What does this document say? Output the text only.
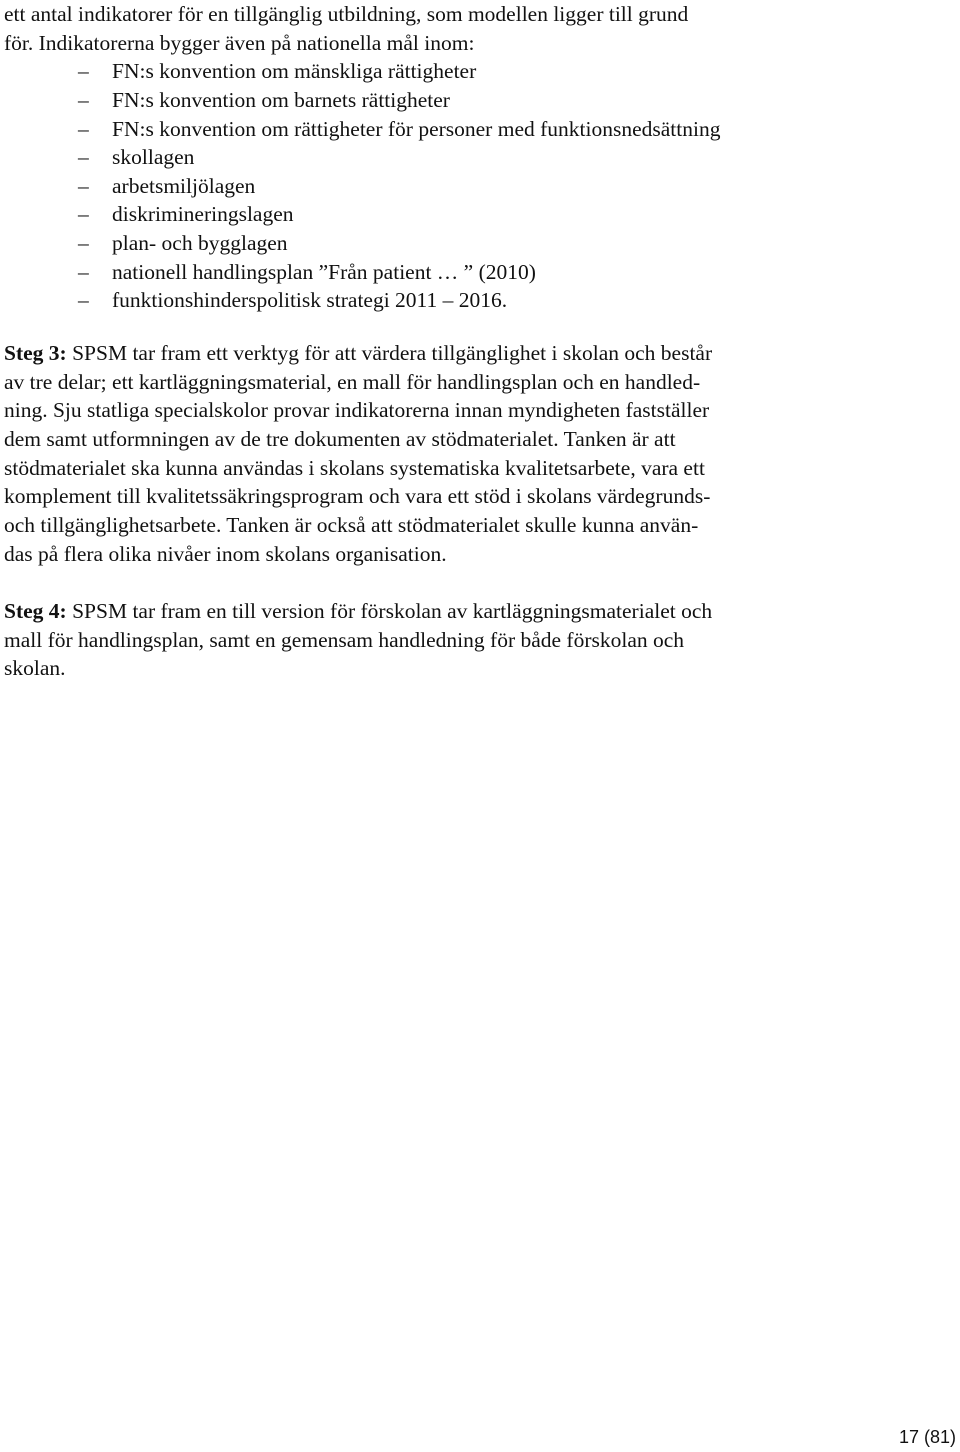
ett antal indikatorer för en tillgänglig utbildning, som modellen ligger till grund
för. Indikatorerna bygger även på nationella mål inom:
–	FN:s konvention om mänskliga rättigheter
–	FN:s konvention om barnets rättigheter
–	FN:s konvention om rättigheter för personer med funktionsnedsättning
–	skollagen
–	arbetsmiljölagen
–	diskrimineringslagen
–	plan- och bygglagen
–	nationell handlingsplan ”Från patient … ” (2010)
–	funktionshinderspolitisk strategi 2011 – 2016.
Steg 3: SPSM tar fram ett verktyg för att värdera tillgänglighet i skolan och består
av tre delar; ett kartläggningsmaterial, en mall för handlingsplan och en handled-
ning. Sju statliga specialskolor provar indikatorerna innan myndigheten fastställer
dem samt utformningen av de tre dokumenten av stödmaterialet. Tanken är att
stödmaterialet ska kunna användas i skolans systematiska kvalitetsarbete, vara ett
komplement till kvalitetssäkringsprogram och vara ett stöd i skolans värdegrunds-
och tillgänglighetsarbete. Tanken är också att stödmaterialet skulle kunna använ-
das på flera olika nivåer inom skolans organisation.
Steg 4: SPSM tar fram en till version för förskolan av kartläggningsmaterialet och
mall för handlingsplan, samt en gemensam handledning för både förskolan och
skolan.
17 (81)
